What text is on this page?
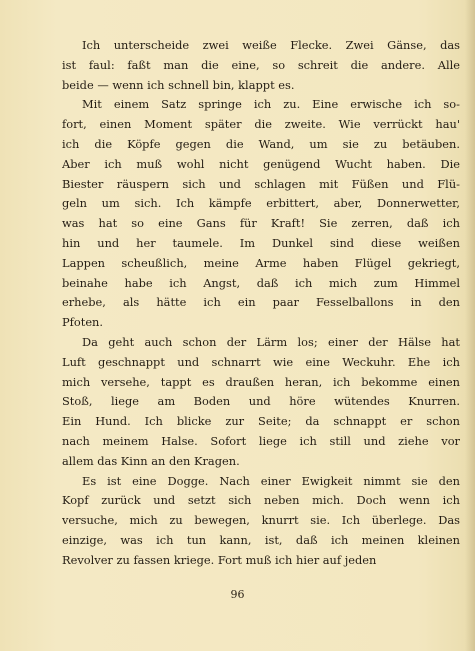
Ich unterscheide zwei weiße Flecke. Zwei Gänse, das
ist faul: faßt man die eine, so schreit die andere. Alle
beide — wenn ich schnell bin, klappt es.

Mit einem Satz springe ich zu. Eine erwische ich so-
fort, einen Moment später die zweite. Wie verrückt hau'
ich die Köpfe gegen die Wand, um sie zu betäuben.
Aber ich muß wohl nicht genügend Wucht haben. Die
Biester räuspern sich und schlagen mit Füßen und Flü-
geln um sich. Ich kämpfe erbittert, aber, Donnerwetter,
was hat so eine Gans für Kraft! Sie zerren, daß ich
hin und her taumele. Im Dunkel sind diese weißen
Lappen scheußlich, meine Arme haben Flügel gekriegt,
beinahe habe ich Angst, daß ich mich zum Himmel
erhebe, als hätte ich ein paar Fesselballons in den
Pfoten.

Da geht auch schon der Lärm los; einer der Hälse hat
Luft geschnappt und schnarrt wie eine Weckuhr. Ehe ich
mich versehe, tappt es draußen heran, ich bekomme einen
Stoß, liege am Boden und höre wütendes Knurren.
Ein Hund. Ich blicke zur Seite; da schnappt er schon
nach meinem Halse. Sofort liege ich still und ziehe vor
allem das Kinn an den Kragen.

Es ist eine Dogge. Nach einer Ewigkeit nimmt sie den
Kopf zurück und setzt sich neben mich. Doch wenn ich
versuche, mich zu bewegen, knurrt sie. Ich überlege. Das
einzige, was ich tun kann, ist, daß ich meinen kleinen
Revolver zu fassen kriege. Fort muß ich hier auf jeden

96
